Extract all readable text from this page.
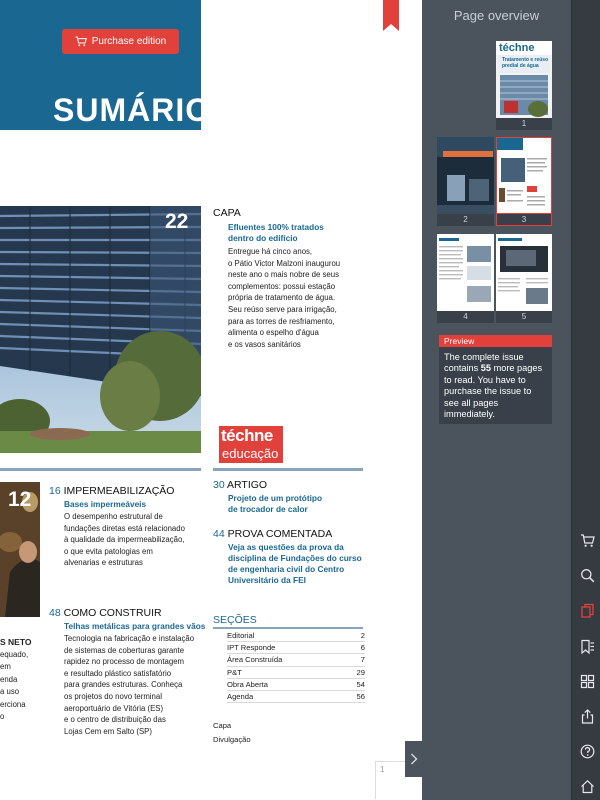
Purchase edition
SUMÁRIO
22 CAPA
Efluentes 100% tratados
dentro do edifício
Entregue há cinco anos,
o Pátio Victor Malzoni inaugurou
neste ano o mais nobre de seus
complementos: possui estação
própria de tratamento de água.
Seu reúso serve para irrigação,
para as torres de resfriamento,
alimenta o espelho d'água
e os vasos sanitários
téchne
educação
12
S NETO
equado,
em
enda
a uso
erciona
o
16 IMPERMEABILIZAÇÃO
Bases impermeáveis
O desempenho estrutural de
fundações diretas está relacionado
à qualidade da impermeabilização,
o que evita patologias em
alvenarias e estruturas
30 ARTIGO
Projeto de um protótipo
de trocador de calor
44 PROVA COMENTADA
Veja as questões da prova da
disciplina de Fundações do curso
de engenharia civil do Centro
Universitário da FEI
48 COMO CONSTRUIR
Telhas metálicas para grandes vãos
Tecnologia na fabricação e instalação
de sistemas de coberturas garante
rapidez no processo de montagem
e resultado plástico satisfatório
para grandes estruturas. Conheça
os projetos do novo terminal
aeroportuário de Vitória (ES)
e o centro de distribuição das
Lojas Cem em Salto (SP)
SEÇÕES
Editorial	2
IPT Responde	6
Área Construída	7
P&T	29
Obra Aberta	54
Agenda	56
Capa
Divulgação
1
Page overview
téchne
Tratamento e reúso predial de água
1
2	3
4	5
Preview
The complete issue contains 55 more pages to read. You have to purchase the issue to see all pages immediately.
